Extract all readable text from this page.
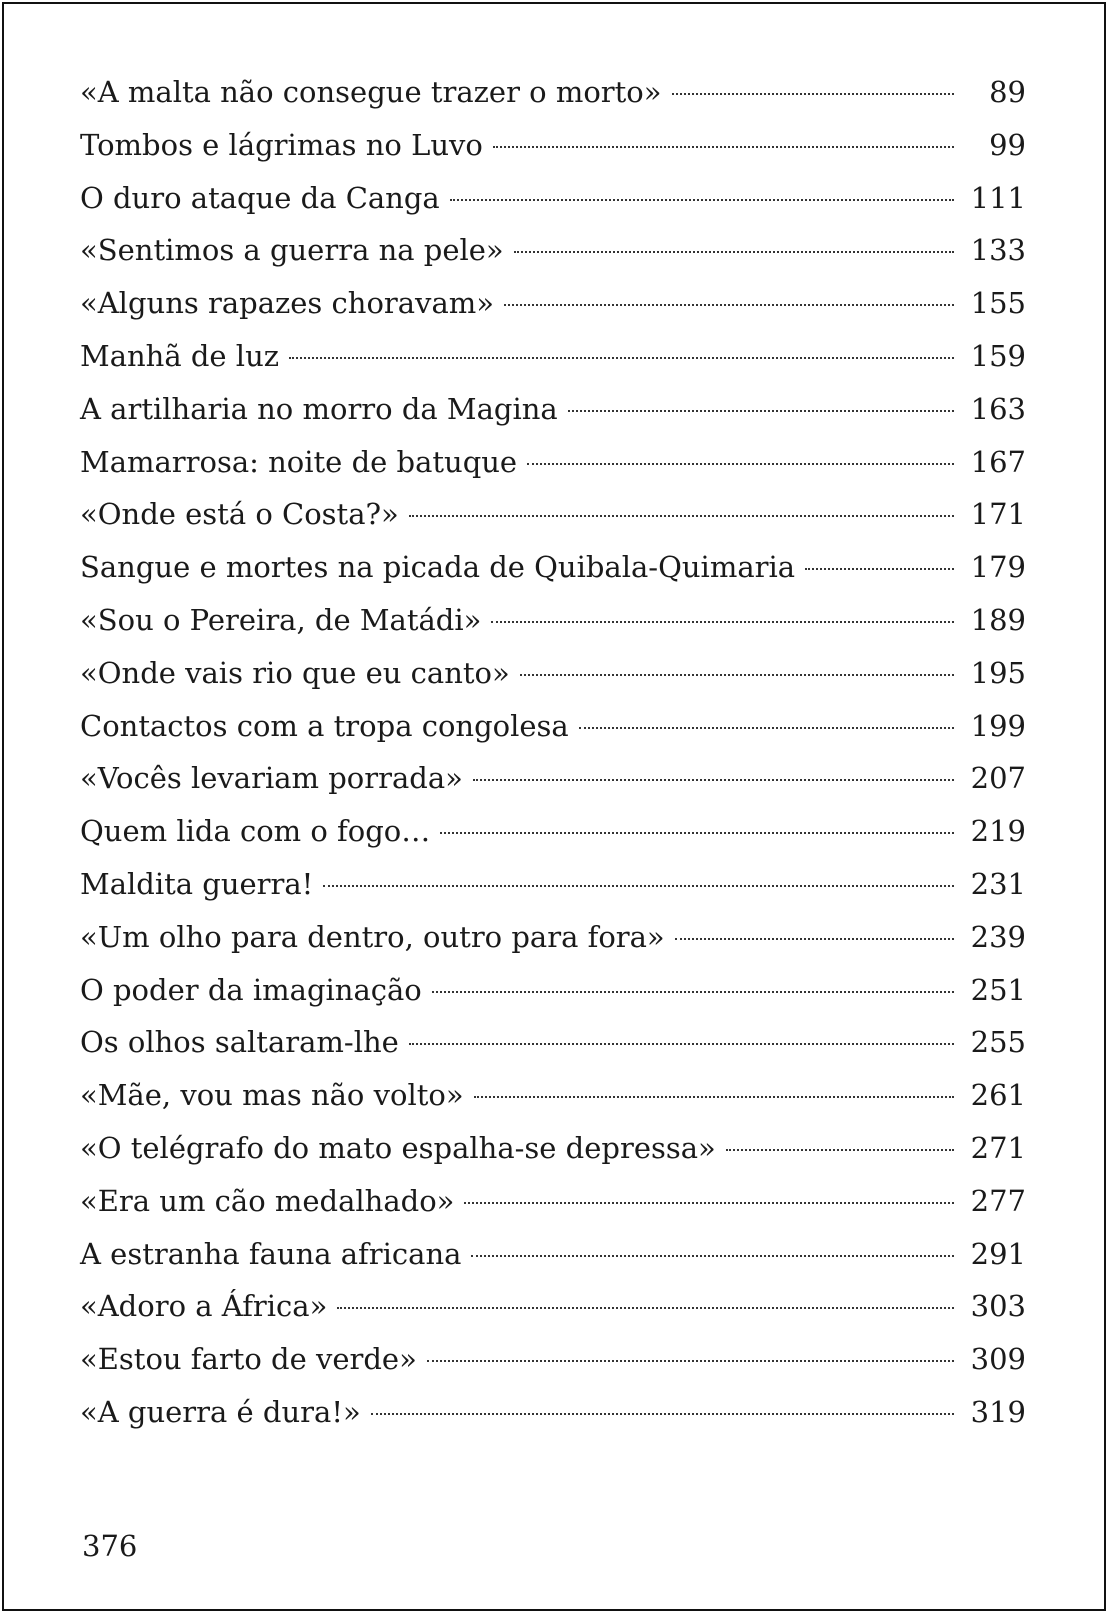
«A malta não consegue trazer o morto»	89
Tombos e lágrimas no Luvo	99
O duro ataque da Canga	111
«Sentimos a guerra na pele»	133
«Alguns rapazes choravam»	155
Manhã de luz	159
A artilharia no morro da Magina	163
Mamarrosa: noite de batuque	167
«Onde está o Costa?»	171
Sangue e mortes na picada de Quibala-Quimaria	179
«Sou o Pereira, de Matádi»	189
«Onde vais rio que eu canto»	195
Contactos com a tropa congolesa	199
«Vocês levariam porrada»	207
Quem lida com o fogo…	219
Maldita guerra!	231
«Um olho para dentro, outro para fora»	239
O poder da imaginação	251
Os olhos saltaram-lhe	255
«Mãe, vou mas não volto»	261
«O telégrafo do mato espalha-se depressa»	271
«Era um cão medalhado»	277
A estranha fauna africana	291
«Adoro a África»	303
«Estou farto de verde»	309
«A guerra é dura!»	319
376
